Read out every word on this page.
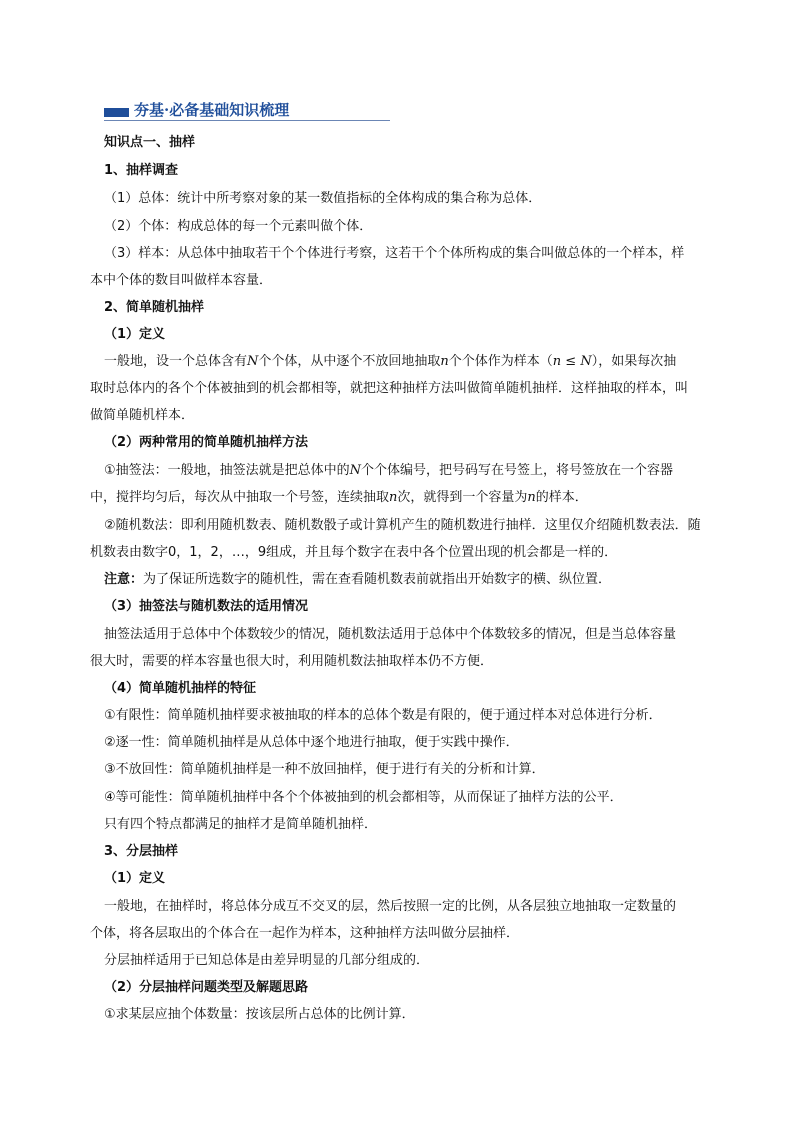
夯基·必备基础知识梳理
知识点一、抽样
1、抽样调查
（1）总体：统计中所考察对象的某一数值指标的全体构成的集合称为总体．
（2）个体：构成总体的每一个元素叫做个体．
（3）样本：从总体中抽取若干个个体进行考察，这若干个个体所构成的集合叫做总体的一个样本，样
本中个体的数目叫做样本容量．
2、简单随机抽样
（1）定义
一般地，设一个总体含有N个个体，从中逐个不放回地抽取n个个体作为样本（n ≤ N），如果每次抽
取时总体内的各个个体被抽到的机会都相等，就把这种抽样方法叫做简单随机抽样．这样抽取的样本，叫
做简单随机样本．
（2）两种常用的简单随机抽样方法
①抽签法：一般地，抽签法就是把总体中的N个个体编号，把号码写在号签上，将号签放在一个容器
中，搅拌均匀后，每次从中抽取一个号签，连续抽取n次，就得到一个容量为n的样本．
②随机数法：即利用随机数表、随机数骰子或计算机产生的随机数进行抽样．这里仅介绍随机数表法．随
机数表由数字0，1，2，…，9组成，并且每个数字在表中各个位置出现的机会都是一样的．
注意：为了保证所选数字的随机性，需在查看随机数表前就指出开始数字的横、纵位置．
（3）抽签法与随机数法的适用情况
抽签法适用于总体中个体数较少的情况，随机数法适用于总体中个体数较多的情况，但是当总体容量
很大时，需要的样本容量也很大时，利用随机数法抽取样本仍不方便．
（4）简单随机抽样的特征
①有限性：简单随机抽样要求被抽取的样本的总体个数是有限的，便于通过样本对总体进行分析．
②逐一性：简单随机抽样是从总体中逐个地进行抽取，便于实践中操作．
③不放回性：简单随机抽样是一种不放回抽样，便于进行有关的分析和计算．
④等可能性：简单随机抽样中各个个体被抽到的机会都相等，从而保证了抽样方法的公平．
只有四个特点都满足的抽样才是简单随机抽样．
3、分层抽样
（1）定义
一般地，在抽样时，将总体分成互不交叉的层，然后按照一定的比例，从各层独立地抽取一定数量的
个体，将各层取出的个体合在一起作为样本，这种抽样方法叫做分层抽样．
分层抽样适用于已知总体是由差异明显的几部分组成的．
（2）分层抽样问题类型及解题思路
①求某层应抽个体数量：按该层所占总体的比例计算．
